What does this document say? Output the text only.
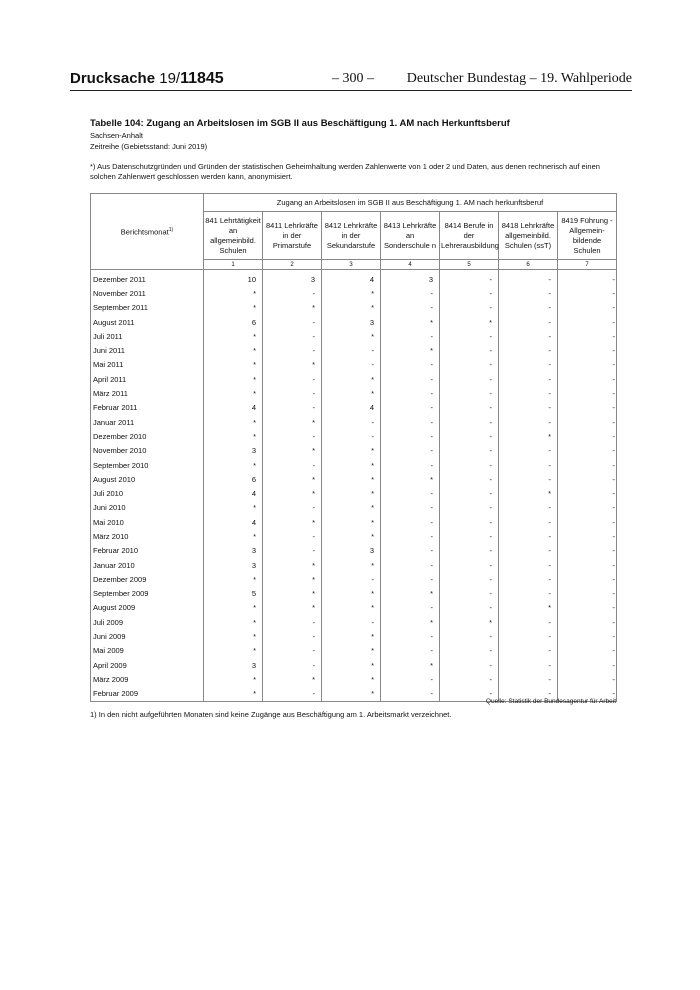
Drucksache 19/11845	– 300 – Deutscher Bundestag – 19. Wahlperiode
Tabelle 104: Zugang an Arbeitslosen im SGB II aus Beschäftigung 1. AM nach Herkunftsberuf
Sachsen-Anhalt
Zeitreihe (Gebietsstand: Juni 2019)
*) Aus Datenschutzgründen und Gründen der statistischen Geheimhaltung werden Zahlenwerte von 1 oder 2 und Daten, aus denen rechnerisch auf einen solchen Zahlenwert geschlossen werden kann, anonymisiert.
Berichtsmonat$^{1)}$	Zugang an Arbeitslosen im SGB II aus Beschäftigung 1. AM nach herkunftsberuf						
	841 Lehrtätigkeit an allgemeinbild. Schulen	8411 Lehrkräfte in der Primarstufe	8412 Lehrkräfte in der Sekundarstufe	8413 Lehrkräfte an Sonderschule n	8414 Berufe in der Lehrerausbildung	8418 Lehrkräfte allgemeinbild. Schulen (ssT)	8419 Führung - Allgemein-bildende Schulen
	1	2	3	4	5	6	7
Dezember 2011	10	3	4	3	-	-	-
November 2011	*	-	*	-	-	-	-
September 2011	*	*	*	-	-	-	-
August 2011	6	-	3	*	*	-	-
Juli 2011	*	-	*	-	-	-	-
Juni 2011	*	-	-	*	-	-	-
Mai 2011	*	*	-	-	-	-	-
April 2011	*	-	*	-	-	-	-
März 2011	*	-	*	-	-	-	-
Februar 2011	4	-	4	-	-	-	-
Januar 2011	*	*	-	-	-	-	-
Dezember 2010	*	-	-	-	-	*	-
November 2010	3	*	*	-	-	-	-
September 2010	*	-	*	-	-	-	-
August 2010	6	*	*	*	-	-	-
Juli 2010	4	*	*	-	-	*	-
Juni 2010	*	-	*	-	-	-	-
Mai 2010	4	*	*	-	-	-	-
März 2010	*	-	*	-	-	-	-
Februar 2010	3	-	3	-	-	-	-
Januar 2010	3	*	*	-	-	-	-
Dezember 2009	*	*	-	-	-	-	-
September 2009	5	*	*	*	-	-	-
August 2009	*	*	*	-	-	*	-
Juli 2009	*	-	-	*	*	-	-
Juni 2009	*	-	*	-	-	-	-
Mai 2009	*	-	*	-	-	-	-
April 2009	3	-	*	*	-	-	-
März 2009	*	*	*	-	-	-	-
Februar 2009	*	-	*	-	-	-	-
Quelle: Statistik der Bundesagentur für Arbeit
1) In den nicht aufgeführten Monaten sind keine Zugänge aus Beschäftigung am 1. Arbeitsmarkt verzeichnet.
